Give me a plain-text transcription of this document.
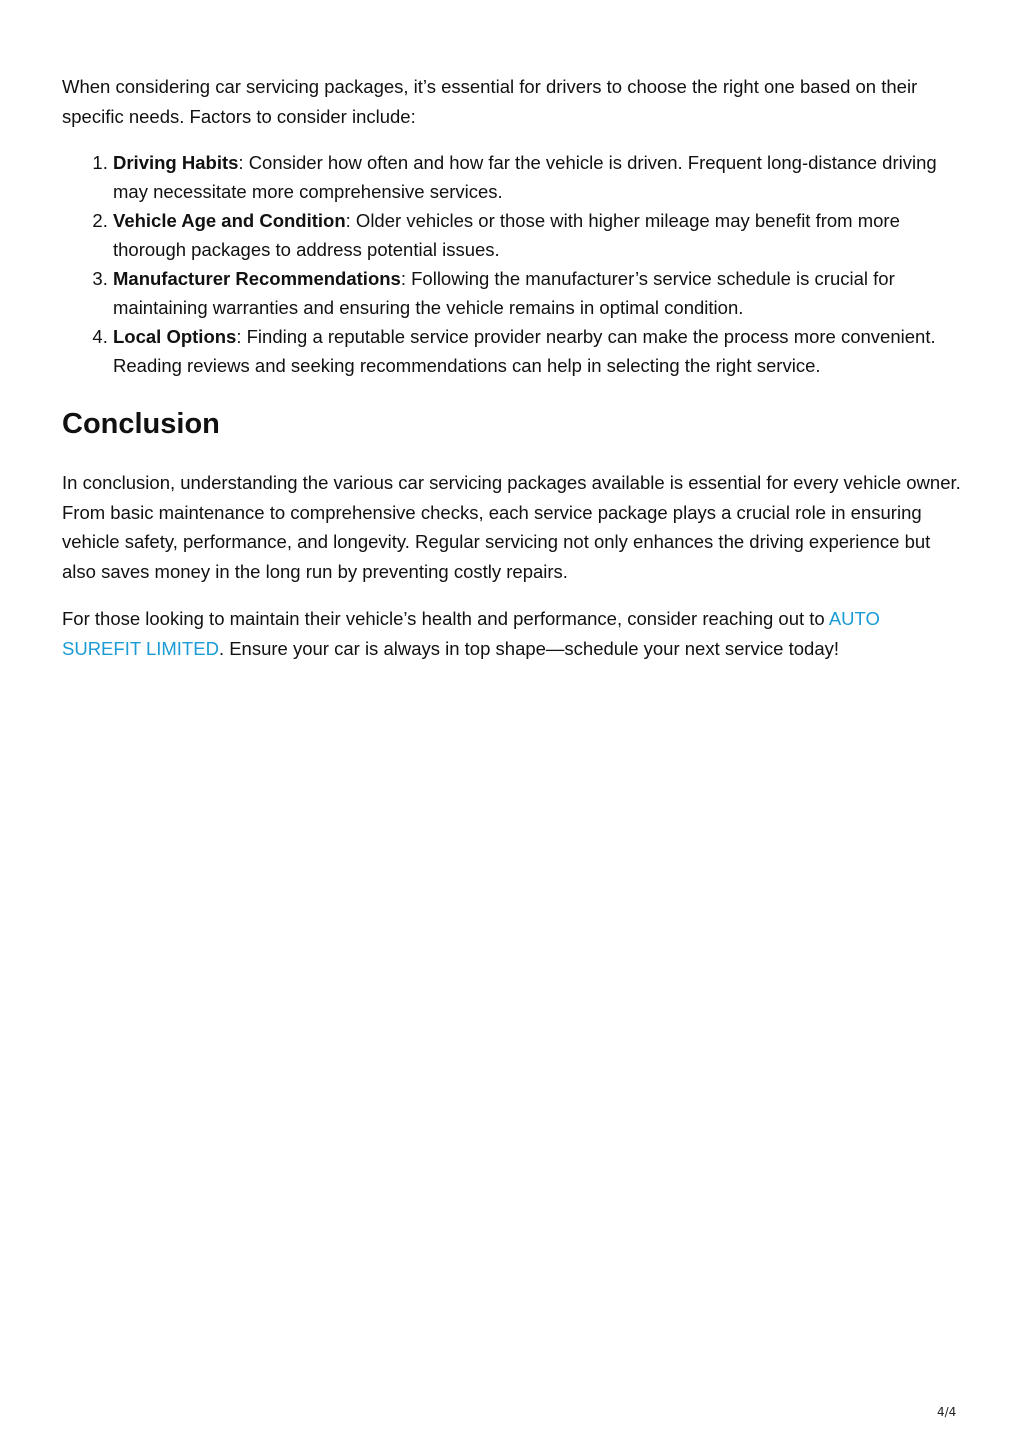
When considering car servicing packages, it’s essential for drivers to choose the right one based on their specific needs. Factors to consider include:

1. Driving Habits: Consider how often and how far the vehicle is driven. Frequent long-distance driving may necessitate more comprehensive services.
2. Vehicle Age and Condition: Older vehicles or those with higher mileage may benefit from more thorough packages to address potential issues.
3. Manufacturer Recommendations: Following the manufacturer’s service schedule is crucial for maintaining warranties and ensuring the vehicle remains in optimal condition.
4. Local Options: Finding a reputable service provider nearby can make the process more convenient. Reading reviews and seeking recommendations can help in selecting the right service.
Conclusion

In conclusion, understanding the various car servicing packages available is essential for every vehicle owner. From basic maintenance to comprehensive checks, each service package plays a crucial role in ensuring vehicle safety, performance, and longevity. Regular servicing not only enhances the driving experience but also saves money in the long run by preventing costly repairs.

For those looking to maintain their vehicle’s health and performance, consider reaching out to AUTO SUREFIT LIMITED. Ensure your car is always in top shape—schedule your next service today!

4/4
